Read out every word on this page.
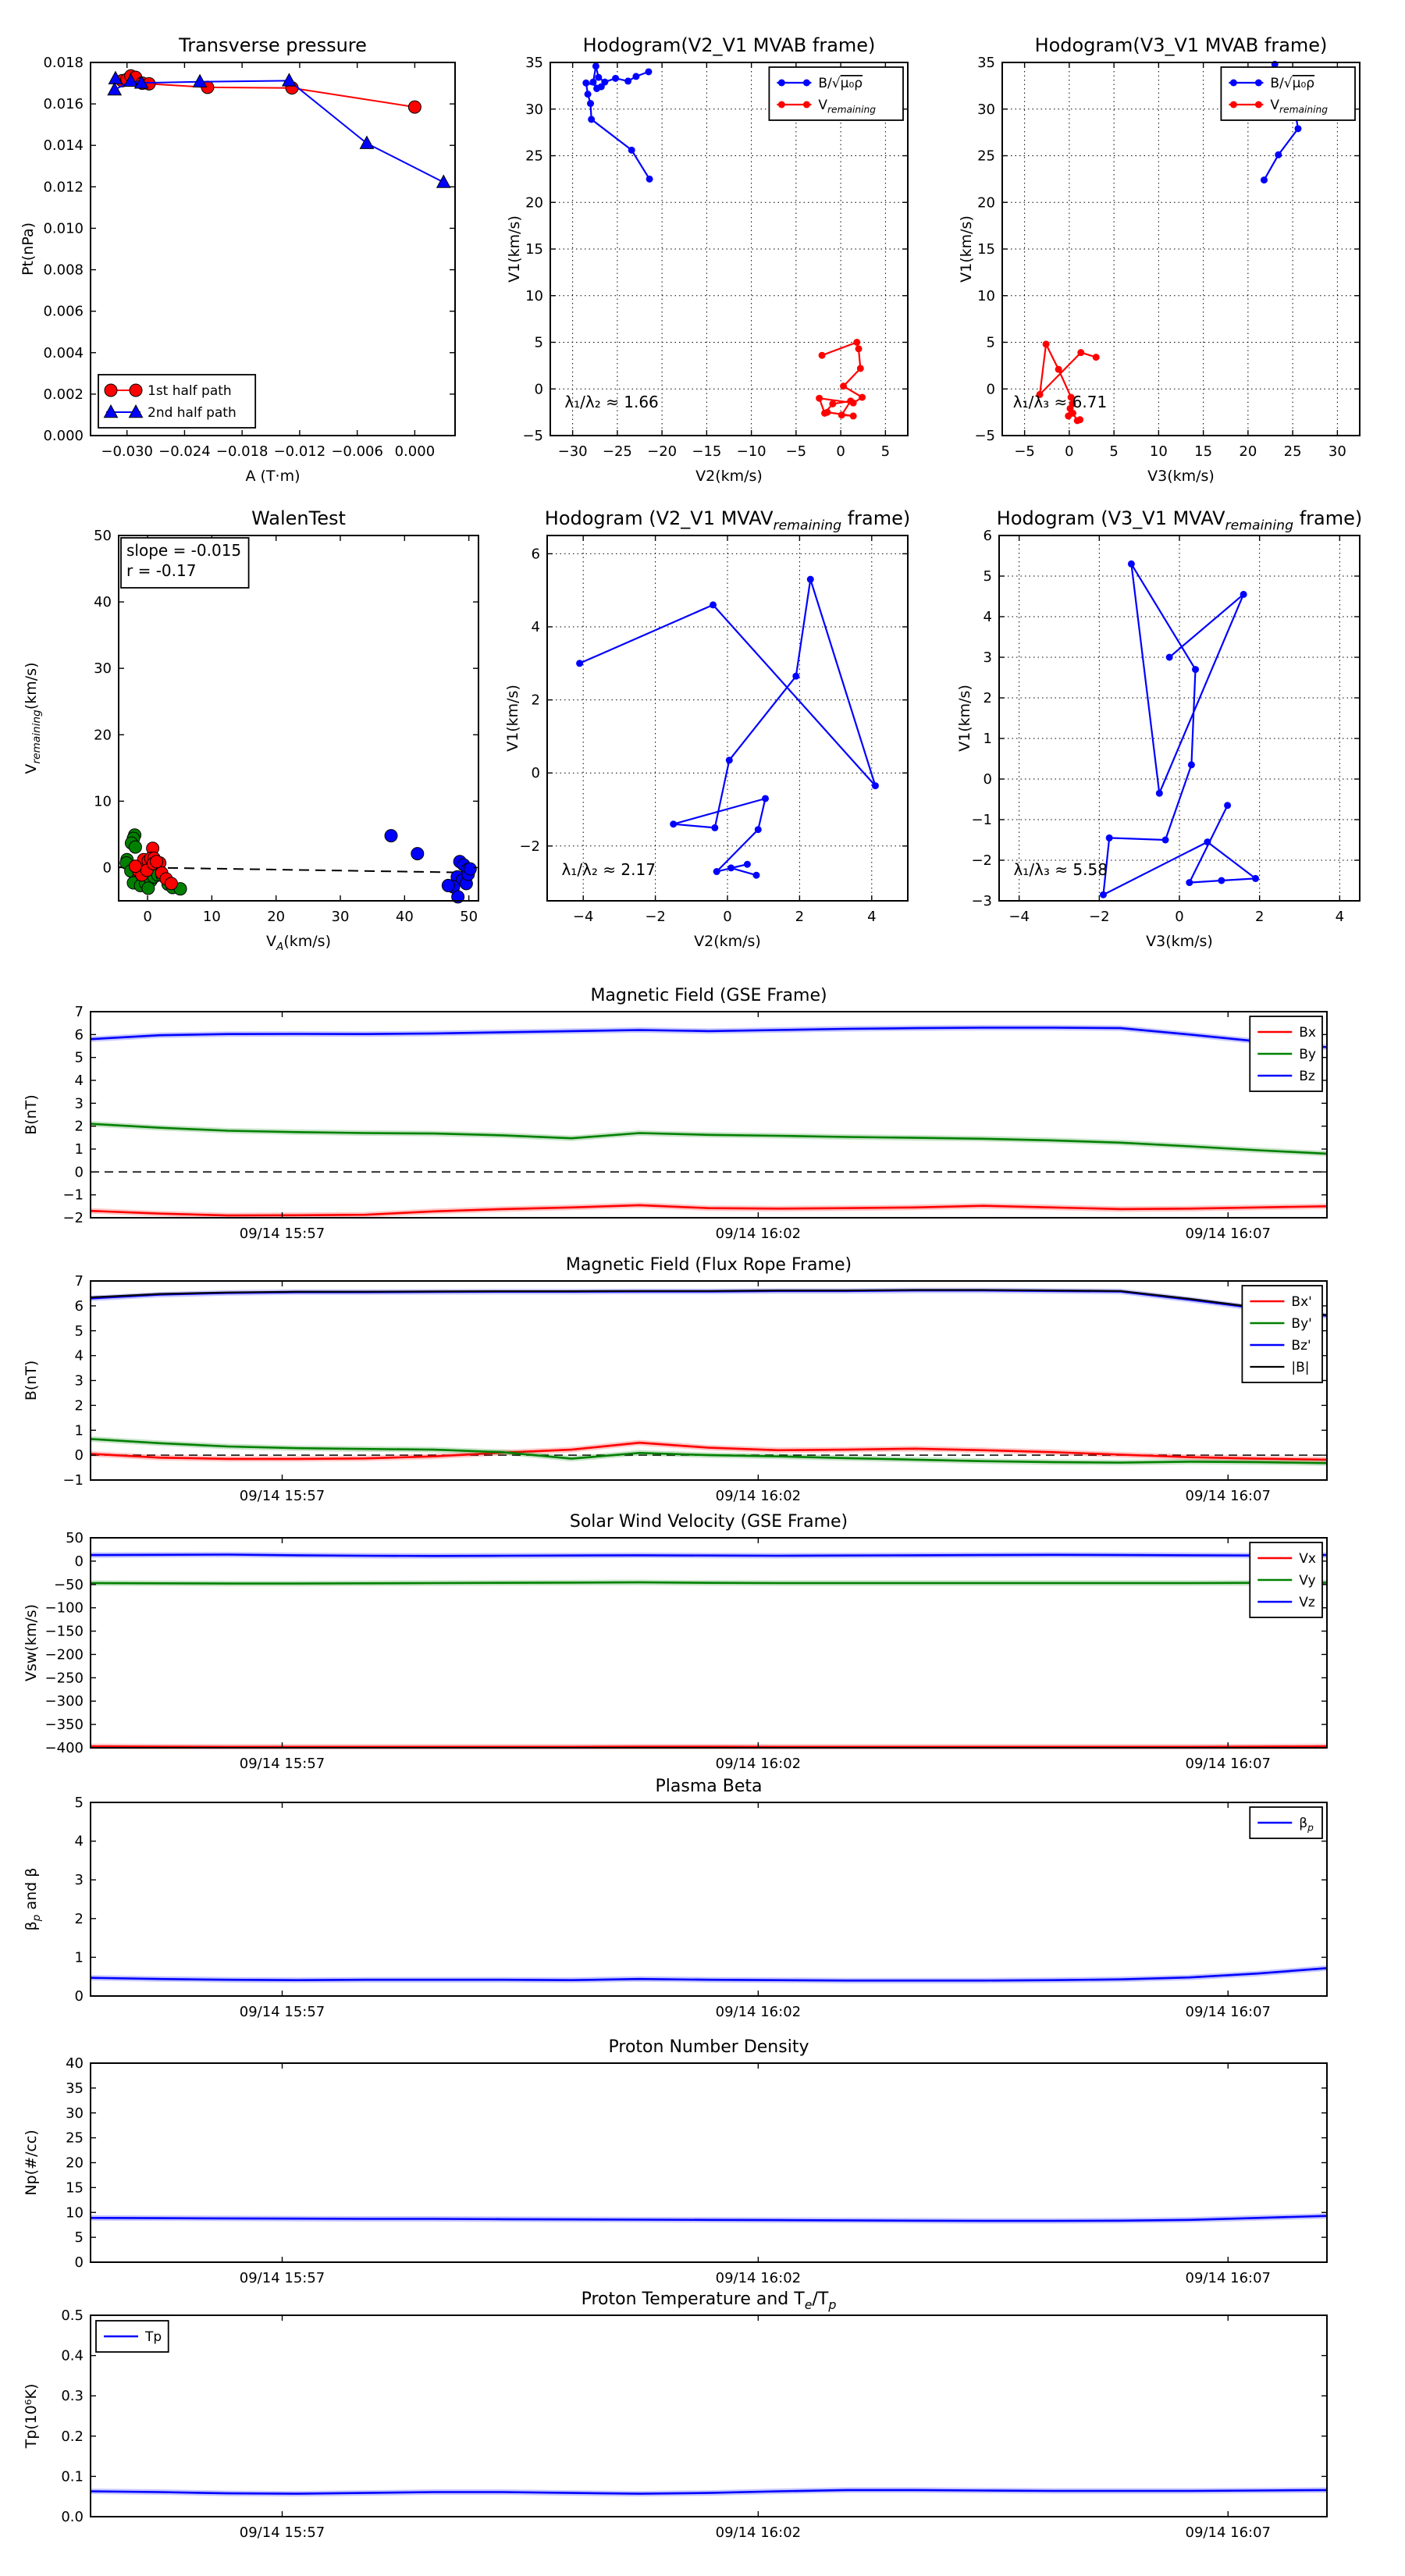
−0.030 −0.024 −0.018 −0.012 −0.006 0.000
0.000
0.002
0.004
0.006
0.008
0.010
0.012
0.014
0.016
0.018
Transverse pressure
A (T·m)
Pt(nPa)
1st half path
2nd half path
−30 −25 −20 −15 −10 −5 0	5
−5
0
5
10
15
20
25
30
35
Hodogram(V2_V1 MVAB frame)
V2(km/s)
V1(km/s)
λ₁/λ₂ ≈ 1.66
B/√μ₀ρ
$V_{remaining}$
−5 0	5 10 15 20 25 30
−5
0
5
10
15
20
25
30
35
Hodogram(V3_V1 MVAB frame)
V3(km/s)
V1(km/s)
λ₁/λ₃ ≈ 6.71
B/√μ₀ρ
$V_{remaining}$
0	10	20	30	40	50
0
10
20
30
40
50
WalenTest
$V_A(km/s)$
$V_{remaining}(km/s)$
slope = -0.015
r = -0.17
−4	−2	0	2	4
−2
0
2
4
6
Hodogram (V2_V1 $MVAV_{remaining}$ frame)
V2(km/s)
V1(km/s)
λ₁/λ₂ ≈ 2.17
−4	−2	0	2	4
−3
−2
−1
0
1
2
3
4
5
6
Hodogram (V3_V1 $MVAV_{remaining}$ frame)
V3(km/s)
V1(km/s)
λ₁/λ₃ ≈ 5.58
09/14 15:57	09/14 16:02	09/14 16:07
−2
−1
0
1
2
3
4
5
6
7
Magnetic Field (GSE Frame)
B(nT)
Bx
By
Bz
09/14 15:57	09/14 16:02	09/14 16:07
−1
0
1
2
3
4
5
6
7
Magnetic Field (Flux Rope Frame)
B(nT)
Bx'
By'
Bz'
|B|
09/14 15:57	09/14 16:02	09/14 16:07
−400
−350
−300
−250
−200
−150
−100
−50
0
50
Solar Wind Velocity (GSE Frame)
Vsw(km/s)
Vx
Vy
Vz
09/14 15:57	09/14 16:02	09/14 16:07
0
1
2
3
4
5
Plasma Beta
$\beta_p$ and β
$\beta_p$
09/14 15:57	09/14 16:02	09/14 16:07
0
5
10
15
20
25
30
35
40
Proton Number Density
Np(#/cc)
09/14 15:57	09/14 16:02	09/14 16:07
0.0
0.1
0.2
0.3
0.4
0.5
Proton Temperature and $T_e/T_p$
Tp(10⁶K)
Tp
